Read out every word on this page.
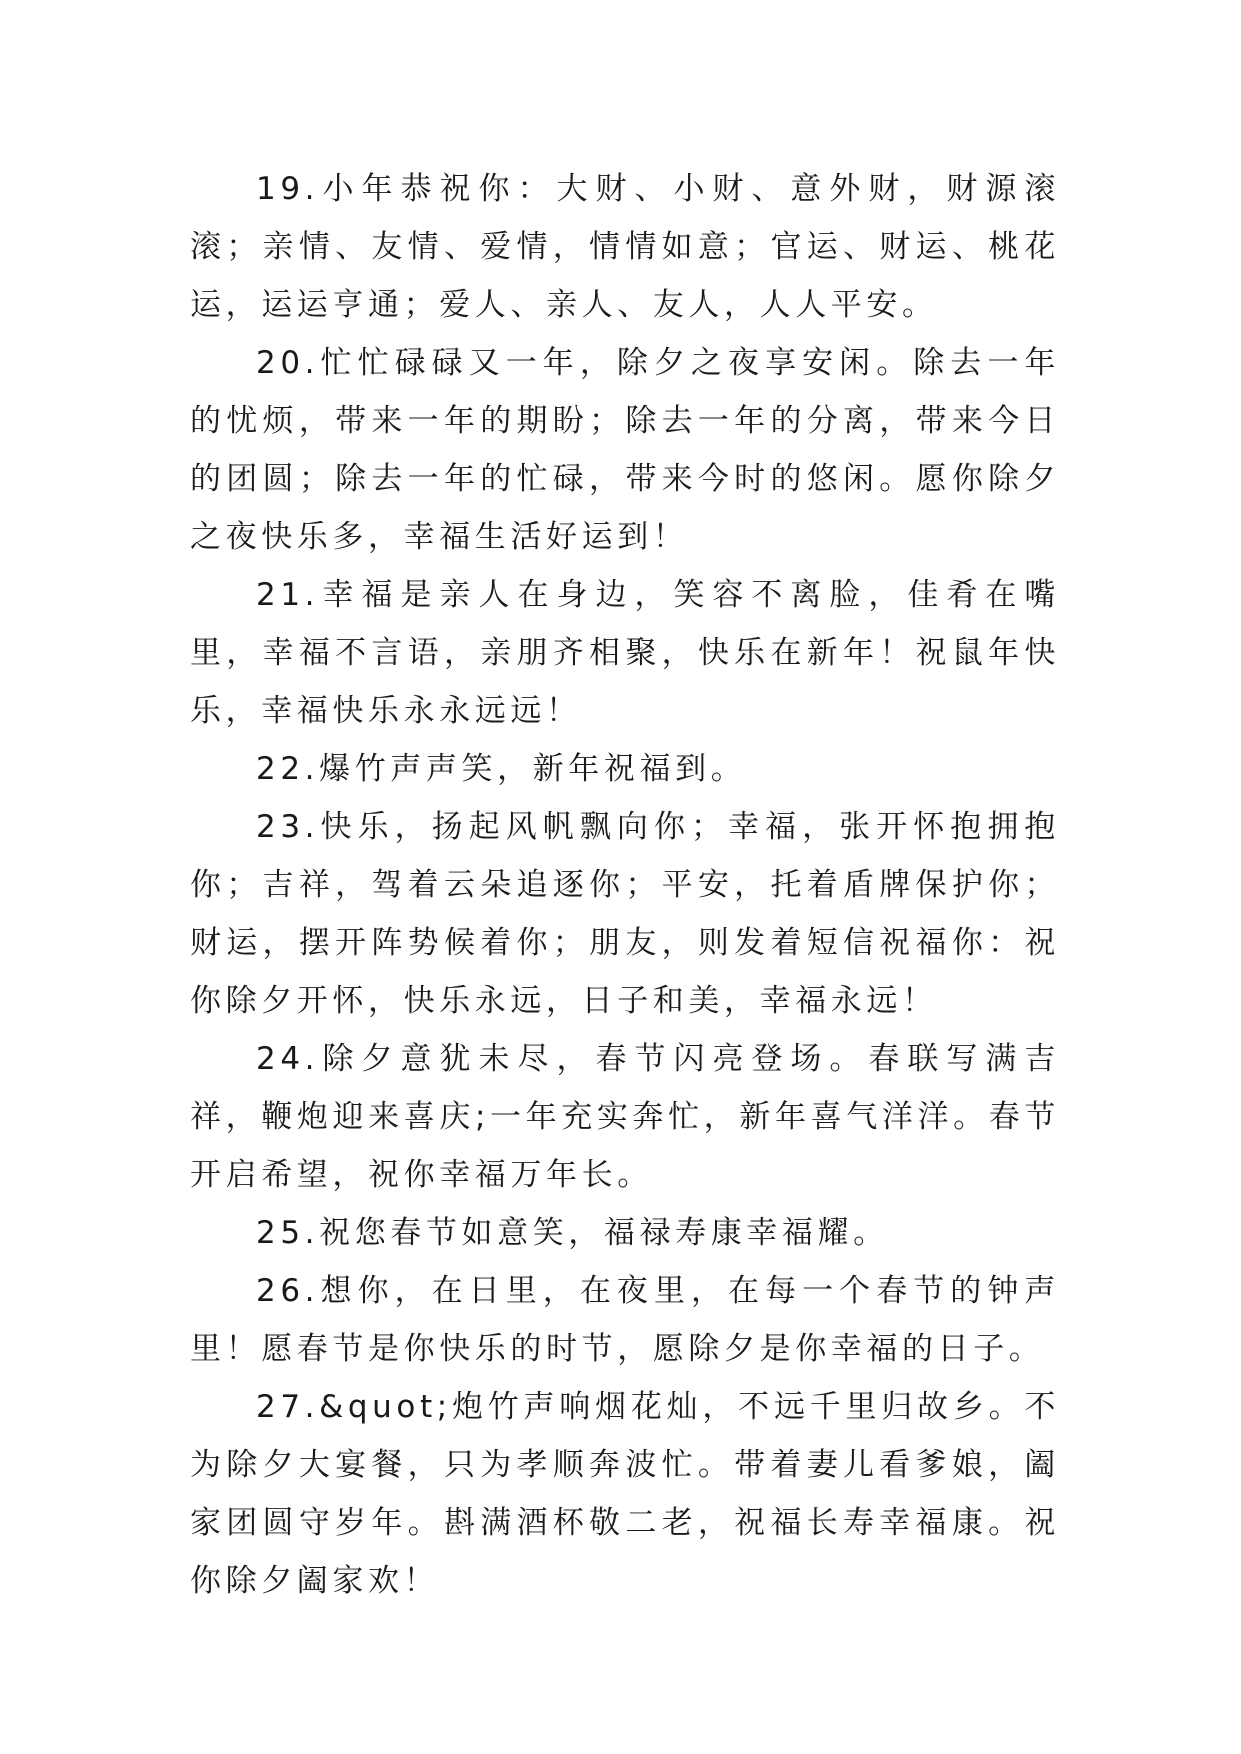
19.小年恭祝你：大财、小财、意外财，财源滚滚；亲情、友情、爱情，情情如意；官运、财运、桃花运，运运亨通；爱人、亲人、友人，人人平安。

20.忙忙碌碌又一年，除夕之夜享安闲。除去一年的忧烦，带来一年的期盼；除去一年的分离，带来今日的团圆；除去一年的忙碌，带来今时的悠闲。愿你除夕之夜快乐多，幸福生活好运到！

21.幸福是亲人在身边，笑容不离脸，佳肴在嘴里，幸福不言语，亲朋齐相聚，快乐在新年！祝鼠年快乐，幸福快乐永永远远！

22.爆竹声声笑，新年祝福到。

23.快乐，扬起风帆飘向你；幸福，张开怀抱拥抱你；吉祥，驾着云朵追逐你；平安，托着盾牌保护你；财运，摆开阵势候着你；朋友，则发着短信祝福你：祝你除夕开怀，快乐永远，日子和美，幸福永远！

24.除夕意犹未尽，春节闪亮登场。春联写满吉祥，鞭炮迎来喜庆;一年充实奔忙，新年喜气洋洋。春节开启希望，祝你幸福万年长。

25.祝您春节如意笑，福禄寿康幸福耀。

26.想你，在日里，在夜里，在每一个春节的钟声里！愿春节是你快乐的时节，愿除夕是你幸福的日子。

27.&quot;炮竹声响烟花灿，不远千里归故乡。不为除夕大宴餐，只为孝顺奔波忙。带着妻儿看爹娘，阖家团圆守岁年。斟满酒杯敬二老，祝福长寿幸福康。祝你除夕阖家欢！
